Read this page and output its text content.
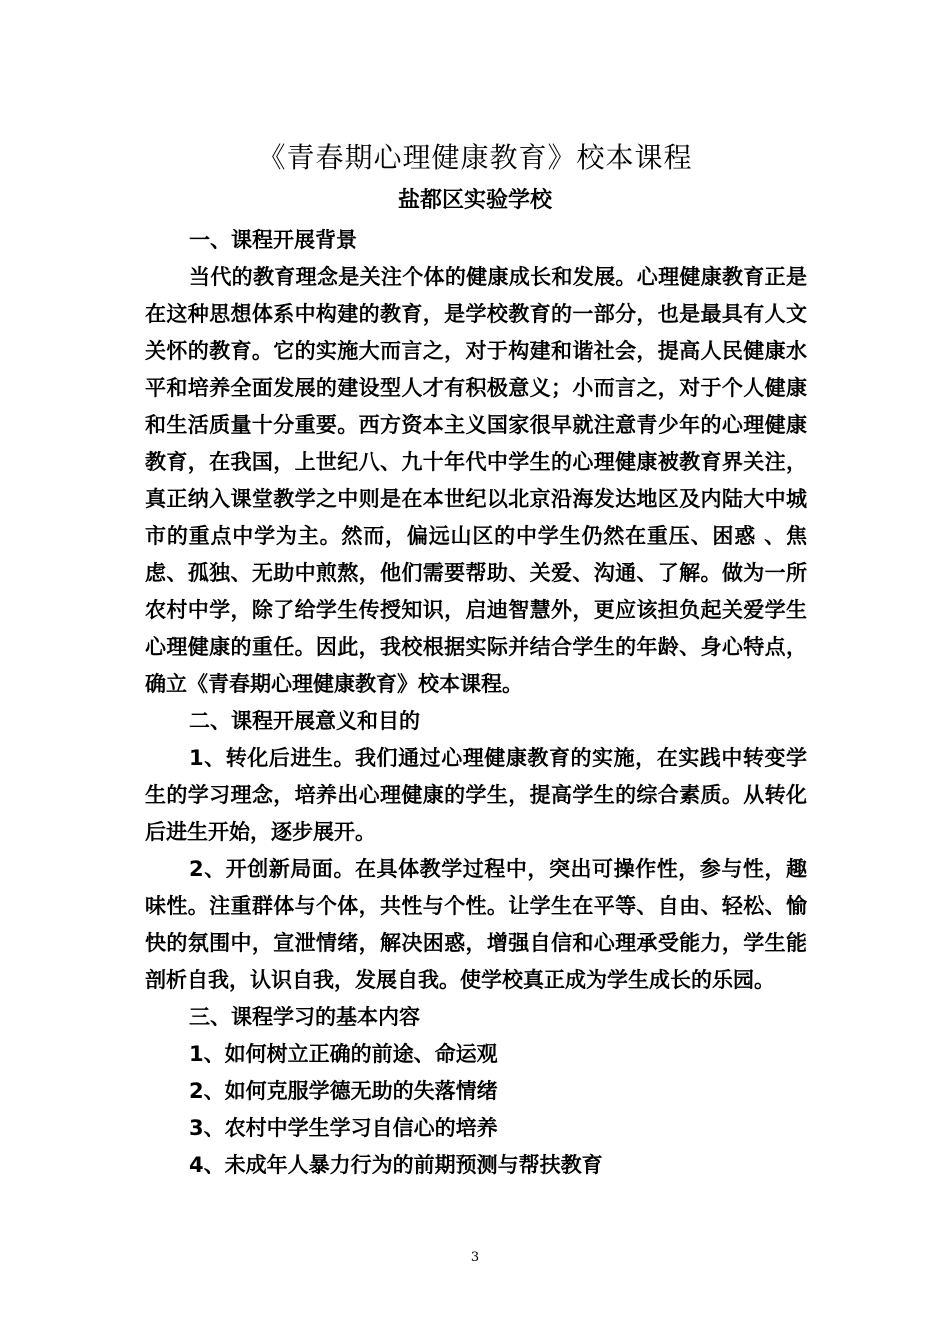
《青春期心理健康教育》校本课程
盐都区实验学校

一、课程开展背景

当代的教育理念是关注个体的健康成长和发展。心理健康教育正是在这种思想体系中构建的教育，是学校教育的一部分，也是最具有人文关怀的教育。它的实施大而言之，对于构建和谐社会，提高人民健康水平和培养全面发展的建设型人才有积极意义；小而言之，对于个人健康和生活质量十分重要。西方资本主义国家很早就注意青少年的心理健康教育，在我国，上世纪八、九十年代中学生的心理健康被教育界关注，真正纳入课堂教学之中则是在本世纪以北京沿海发达地区及内陆大中城市的重点中学为主。然而，偏远山区的中学生仍然在重压、困惑 、焦虑、孤独、无助中煎熬，他们需要帮助、关爱、沟通、了解。做为一所农村中学，除了给学生传授知识，启迪智慧外，更应该担负起关爱学生心理健康的重任。因此，我校根据实际并结合学生的年龄、身心特点，确立《青春期心理健康教育》校本课程。

二、课程开展意义和目的

1、转化后进生。我们通过心理健康教育的实施，在实践中转变学生的学习理念，培养出心理健康的学生，提高学生的综合素质。从转化后进生开始，逐步展开。

2、开创新局面。在具体教学过程中，突出可操作性，参与性，趣味性。注重群体与个体，共性与个性。让学生在平等、自由、轻松、愉快的氛围中，宣泄情绪，解决困惑，增强自信和心理承受能力，学生能剖析自我，认识自我，发展自我。使学校真正成为学生成长的乐园。

三、课程学习的基本内容

1、如何树立正确的前途、命运观

2、如何克服学德无助的失落情绪

3、农村中学生学习自信心的培养

4、未成年人暴力行为的前期预测与帮扶教育

3
